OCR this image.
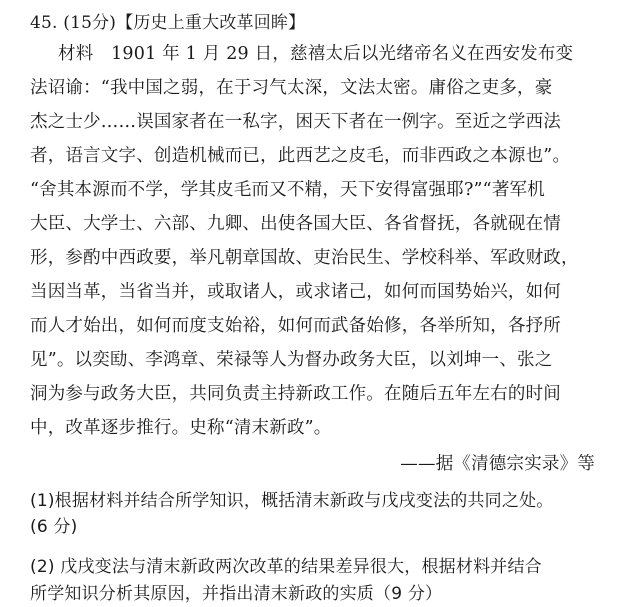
45. (15分)【历史上重大改革回眸】
材料　1901 年 1 月 29 日，慈禧太后以光绪帝名义在西安发布变
法诏谕：“我中国之弱，在于习气太深，文法太密。庸俗之吏多，豪
杰之士少……误国家者在一私字，困天下者在一例字。至近之学西法
者，语言文字、创造机械而已，此西艺之皮毛，而非西政之本源也”。
“舍其本源而不学，学其皮毛而又不精，天下安得富强耶?”“著军机
大臣、大学士、六部、九卿、出使各国大臣、各省督抚，各就砚在情
形，参酌中西政要，举凡朝章国故、吏治民生、学校科举、军政财政，
当因当革，当省当并，或取诸人，或求诸己，如何而国势始兴，如何
而人才始出，如何而度支始裕，如何而武备始修，各举所知，各抒所
见”。以奕劻、李鸿章、荣禄等人为督办政务大臣，以刘坤一、张之
洞为参与政务大臣，共同负责主持新政工作。在随后五年左右的时间
中，改革逐步推行。史称“清末新政”。
——据《清德宗实录》等
(1)根据材料并结合所学知识，概括清末新政与戊戌变法的共同之处。
(6 分)
(2) 戊戌变法与清末新政两次改革的结果差异很大，根据材料并结合
所学知识分析其原因，并指出清末新政的实质（9 分）
